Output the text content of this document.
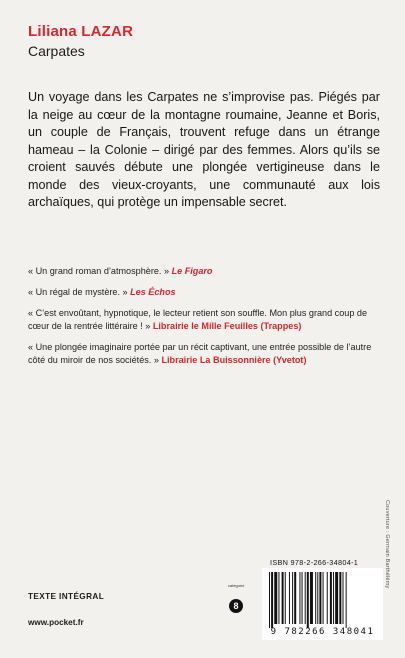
Liliana LAZAR
Carpates
Un voyage dans les Carpates ne s’improvise pas. Piégés par la neige au cœur de la montagne roumaine, Jeanne et Boris, un couple de Français, trouvent refuge dans un étrange hameau – la Colonie – dirigé par des femmes. Alors qu’ils se croient sauvés débute une plongée vertigineuse dans le monde des vieux-croyants, une communauté aux lois archaïques, qui protège un impensable secret.

« Un grand roman d’atmosphère. » Le Figaro

« Un régal de mystère. » Les Échos

« C’est envoûtant, hypnotique, le lecteur retient son souffle. Mon plus grand coup de cœur de la rentrée littéraire ! » Librairie le Mille Feuilles (Trappes)

« Une plongée imaginaire portée par un récit captivant, une entrée possible de l’autre côté du miroir de nos sociétés. » Librairie La Buissonnière (Yvetot)

Couverture : Germain Barthélémy
TEXTE INTÉGRAL
www.pocket.fr
catégorie
8
ISBN 978-2-266-34804-1
9 782266 348041
